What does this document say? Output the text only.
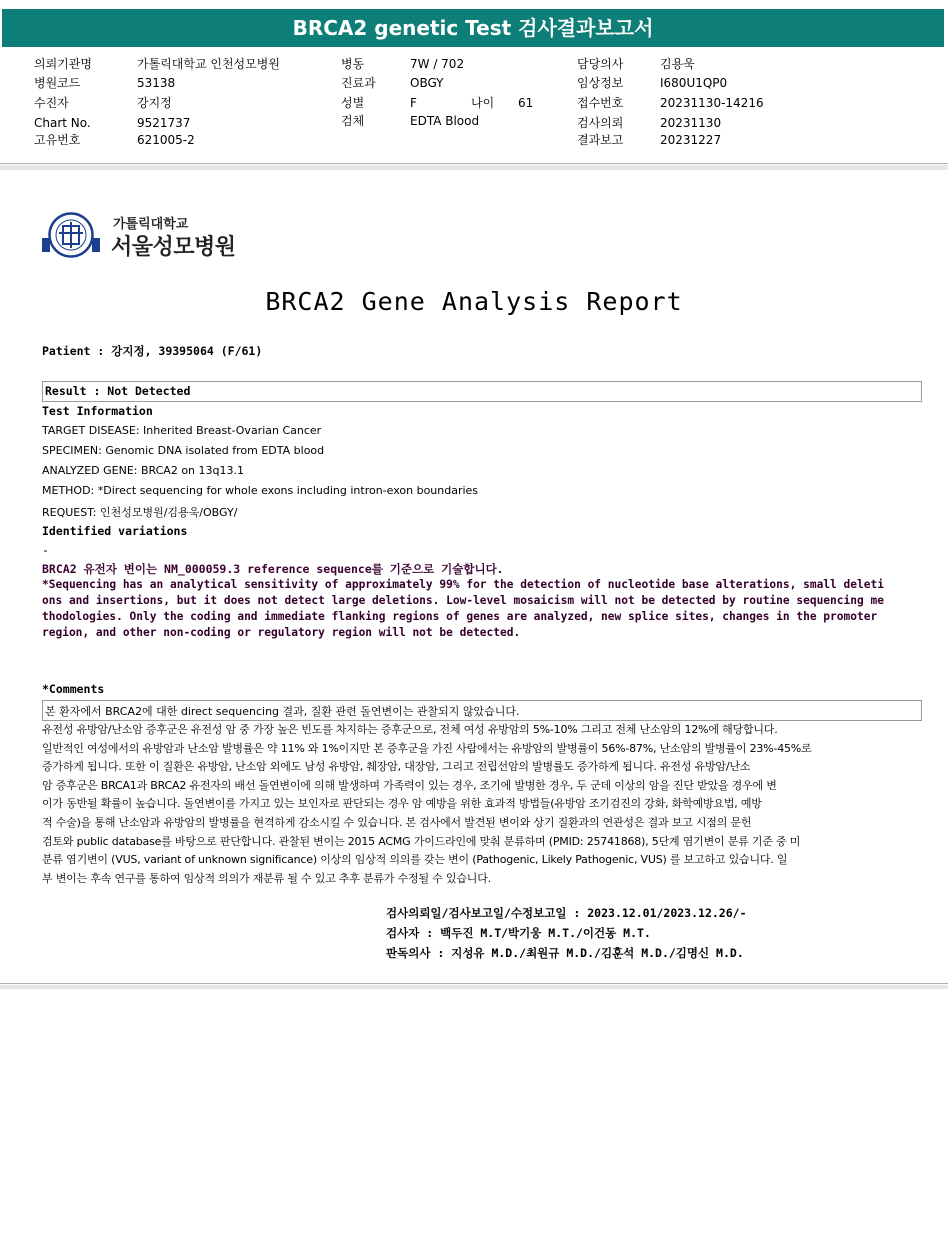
BRCA2 genetic Test 검사결과보고서
의뢰기관명	가톨릭대학교 인천성모병원
병원코드	53138
수진자	강지정
Chart No.	9521737
고유번호	621005-2
병동	7W / 702
진료과	OBGY
성별	F	나이 61
검체	EDTA Blood
담당의사	김용욱
임상정보	I680U1QP0
접수번호	20231130-14216
검사의뢰	20231130
결과보고	20231227
가톨릭대학교
서울성모병원
BRCA2 Gene Analysis Report
Patient : 강지정, 39395064 (F/61)
Result : Not Detected
Test Information
TARGET DISEASE: Inherited Breast-Ovarian Cancer
SPECIMEN: Genomic DNA isolated from EDTA blood
ANALYZED GENE: BRCA2 on 13q13.1
METHOD: *Direct sequencing for whole exons including intron-exon boundaries
REQUEST: 인천성모병원/김용욱/OBGY/
Identified variations
-
BRCA2 유전자 변이는 NM_000059.3 reference sequence를 기준으로 기술합니다.
*Sequencing has an analytical sensitivity of approximately 99% for the detection of nucleotide base alterations, small deleti
ons and insertions, but it does not detect large deletions. Low-level mosaicism will not be detected by routine sequencing me
thodologies. Only the coding and immediate flanking regions of genes are analyzed, new splice sites, changes in the promoter
region, and other non-coding or regulatory region will not be detected.
*Comments
본 환자에서 BRCA2에 대한 direct sequencing 결과, 질환 관련 돌연변이는 관찰되지 않았습니다.
유전성 유방암/난소암 증후군은 유전성 암 중 가장 높은 빈도를 차지하는 증후군으로, 전체 여성 유방암의 5%-10% 그리고 전체 난소암의 12%에 해당합니다.
일반적인 여성에서의 유방암과 난소암 발병률은 약 11% 와 1%이지만 본 증후군을 가진 사람에서는 유방암의 발병률이 56%-87%, 난소암의 발병률이 23%-45%로
증가하게 됩니다. 또한 이 질환은 유방암, 난소암 외에도 남성 유방암, 췌장암, 대장암, 그리고 전립선암의 발병률도 증가하게 됩니다. 유전성 유방암/난소
암 증후군은 BRCA1과 BRCA2 유전자의 배선 돌연변이에 의해 발생하며 가족력이 있는 경우, 조기에 발병한 경우, 두 군데 이상의 암을 진단 받았을 경우에 변
이가 동반될 확률이 높습니다. 돌연변이를 가지고 있는 보인자로 판단되는 경우 암 예방을 위한 효과적 방법들(유방암 조기검진의 강화, 화학예방요법, 예방
적 수술)을 통해 난소암과 유방암의 발병률을 현격하게 감소시킬 수 있습니다. 본 검사에서 발견된 변이와 상기 질환과의 연관성은 결과 보고 시점의 문헌
검토와 public database를 바탕으로 판단합니다. 관찰된 변이는 2015 ACMG 가이드라인에 맞춰 분류하며 (PMID: 25741868), 5단계 염기변이 분류 기준 중 미
분류 염기변이 (VUS, variant of unknown significance) 이상의 임상적 의의를 갖는 변이 (Pathogenic, Likely Pathogenic, VUS) 를 보고하고 있습니다. 일
부 변이는 후속 연구를 통하여 임상적 의의가 재분류 될 수 있고 추후 분류가 수정될 수 있습니다.
검사의뢰일/검사보고일/수정보고일 : 2023.12.01/2023.12.26/-
검사자 : 백두진 M.T/박기웅 M.T./이건동 M.T.
판독의사 : 지성유 M.D./최원규 M.D./김훈석 M.D./김명신 M.D.
